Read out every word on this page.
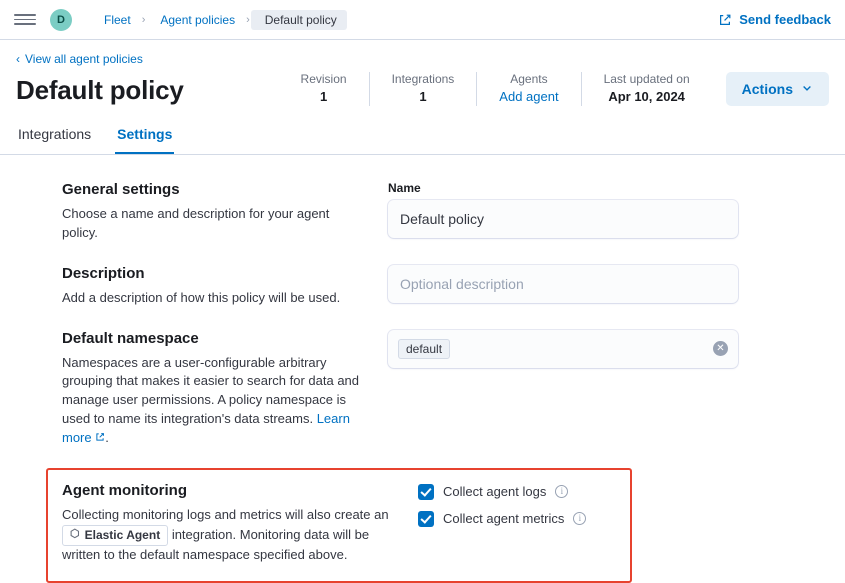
D	Fleet	›	Agent policies	›	Default policy	Send feedback
‹ View all agent policies
Default policy	Revision
1
Integrations
1
Agents
Add agent
Last updated on
Apr 10, 2024	Actions
Integrations Settings
General settings

Choose a name and description for your agent policy.

Name
Default policy
Description

Add a description of how this policy will be used.

Optional description
Default namespace

Namespaces are a user-configurable arbitrary grouping that makes it easier to search for data and manage user permissions. A policy namespace is used to name its integration's data streams. Learn more .

default	✕
Agent monitoring

Collecting monitoring logs and metrics will also create an
⬡ Elastic Agent integration. Monitoring data will be written to the default namespace specified above.

Collect agent logs	i
Collect agent metrics	i
